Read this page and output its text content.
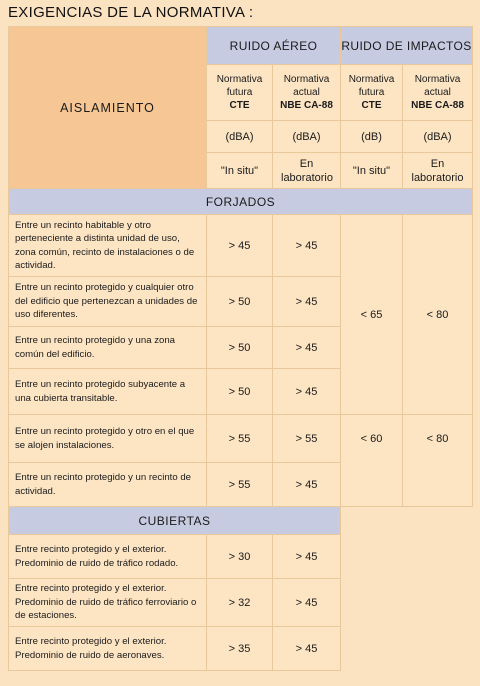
EXIGENCIAS DE LA NORMATIVA :
AISLAMIENTO	RUIDO AÉREO		RUIDO DE IMPACTOS	
	Normativa
futura
CTE	Normativa
actual
NBE CA-88	Normativa
futura
CTE	Normativa
actual
NBE CA-88
	(dBA)	(dBA)	(dB)	(dBA)
	"In situ"	En laboratorio	"In situ"	En laboratorio
FORJADOS				
Entre un recinto habitable y otro perteneciente a distinta unidad de uso, zona común, recinto de instalaciones o de actividad.	> 45	> 45	< 65	< 80
Entre un recinto protegido y cualquier otro del edificio que pertenezcan a unidades de uso diferentes.	> 50	> 45		
Entre un recinto protegido y una zona común del edificio.	> 50	> 45		
Entre un recinto protegido subyacente a una cubierta transitable.	> 50	> 45		
Entre un recinto protegido y otro en el que se alojen instalaciones.	> 55	> 55	< 60	< 80
Entre un recinto protegido y un recinto de actividad.	> 55	> 45		
CUBIERTAS				
Entre recinto protegido y el exterior. Predominio de ruido de tráfico rodado.	> 30	> 45		
Entre recinto protegido y el exterior. Predominio de ruido de tráfico ferroviario o de estaciones.	> 32	> 45		
Entre recinto protegido y el exterior. Predominio de ruido de aeronaves.	> 35	> 45		
